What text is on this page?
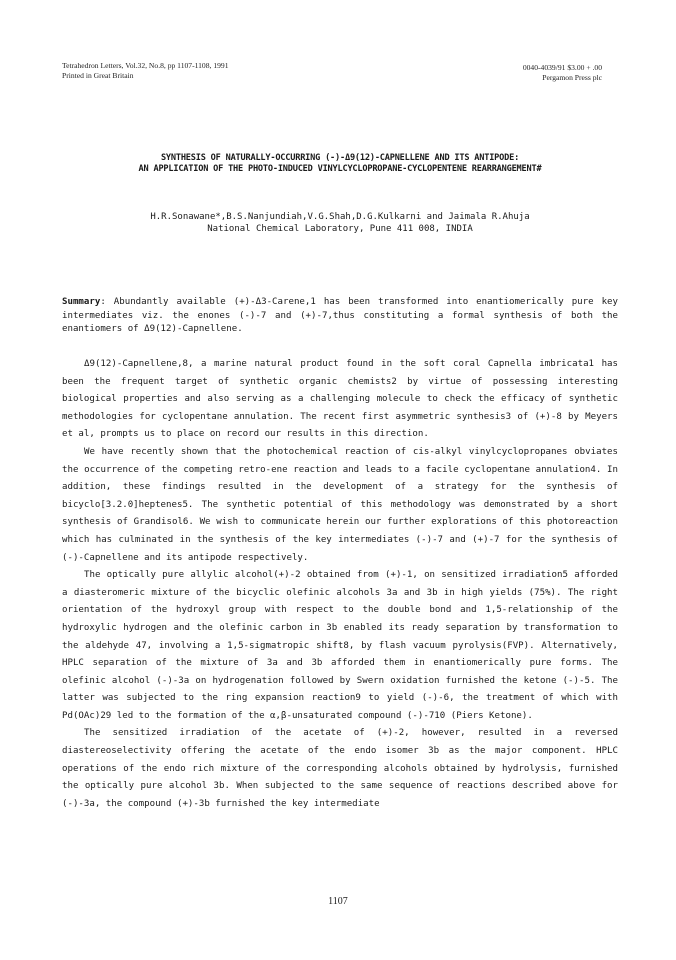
Tetrahedron Letters, Vol.32, No.8, pp 1107-1108, 1991
Printed in Great Britain
0040-4039/91 $3.00 + .00
Pergamon Press plc
SYNTHESIS OF NATURALLY-OCCURRING (-)-Δ9(12)-CAPNELLENE AND ITS ANTIPODE:
AN APPLICATION OF THE PHOTO-INDUCED VINYLCYCLOPROPANE-CYCLOPENTENE REARRANGEMENT#
H.R.Sonawane*,B.S.Nanjundiah,V.G.Shah,D.G.Kulkarni and Jaimala R.Ahuja
National Chemical Laboratory, Pune 411 008, INDIA
Summary: Abundantly available (+)-Δ3-Carene,1 has been transformed into enantiomerically pure key intermediates viz. the enones (-)-7 and (+)-7,thus constituting a formal synthesis of both the enantiomers of Δ9(12)-Capnellene.

Δ9(12)-Capnellene,8, a marine natural product found in the soft coral Capnella imbricata1 has been the frequent target of synthetic organic chemists2 by virtue of possessing interesting biological properties and also serving as a challenging molecule to check the efficacy of synthetic methodologies for cyclopentane annulation. The recent first asymmetric synthesis3 of (+)-8 by Meyers et al, prompts us to place on record our results in this direction.

We have recently shown that the photochemical reaction of cis-alkyl vinylcyclopropanes obviates the occurrence of the competing retro-ene reaction and leads to a facile cyclopentane annulation4. In addition, these findings resulted in the development of a strategy for the synthesis of bicyclo[3.2.0]heptenes5. The synthetic potential of this methodology was demonstrated by a short synthesis of Grandisol6. We wish to communicate herein our further explorations of this photoreaction which has culminated in the synthesis of the key intermediates (-)-7 and (+)-7 for the synthesis of (-)-Capnellene and its antipode respectively.

The optically pure allylic alcohol(+)-2 obtained from (+)-1, on sensitized irradiation5 afforded a diasteromeric mixture of the bicyclic olefinic alcohols 3a and 3b in high yields (75%). The right orientation of the hydroxyl group with respect to the double bond and 1,5-relationship of the hydroxylic hydrogen and the olefinic carbon in 3b enabled its ready separation by transformation to the aldehyde 47, involving a 1,5-sigmatropic shift8, by flash vacuum pyrolysis(FVP). Alternatively, HPLC separation of the mixture of 3a and 3b afforded them in enantiomerically pure forms. The olefinic alcohol (-)-3a on hydrogenation followed by Swern oxidation furnished the ketone (-)-5. The latter was subjected to the ring expansion reaction9 to yield (-)-6, the treatment of which with Pd(OAc)29 led to the formation of the α,β-unsaturated compound (-)-710 (Piers Ketone).

The sensitized irradiation of the acetate of (+)-2, however, resulted in a reversed diastereoselectivity offering the acetate of the endo isomer 3b as the major component. HPLC operations of the endo rich mixture of the corresponding alcohols obtained by hydrolysis, furnished the optically pure alcohol 3b. When subjected to the same sequence of reactions described above for (-)-3a, the compound (+)-3b furnished the key intermediate

1107
